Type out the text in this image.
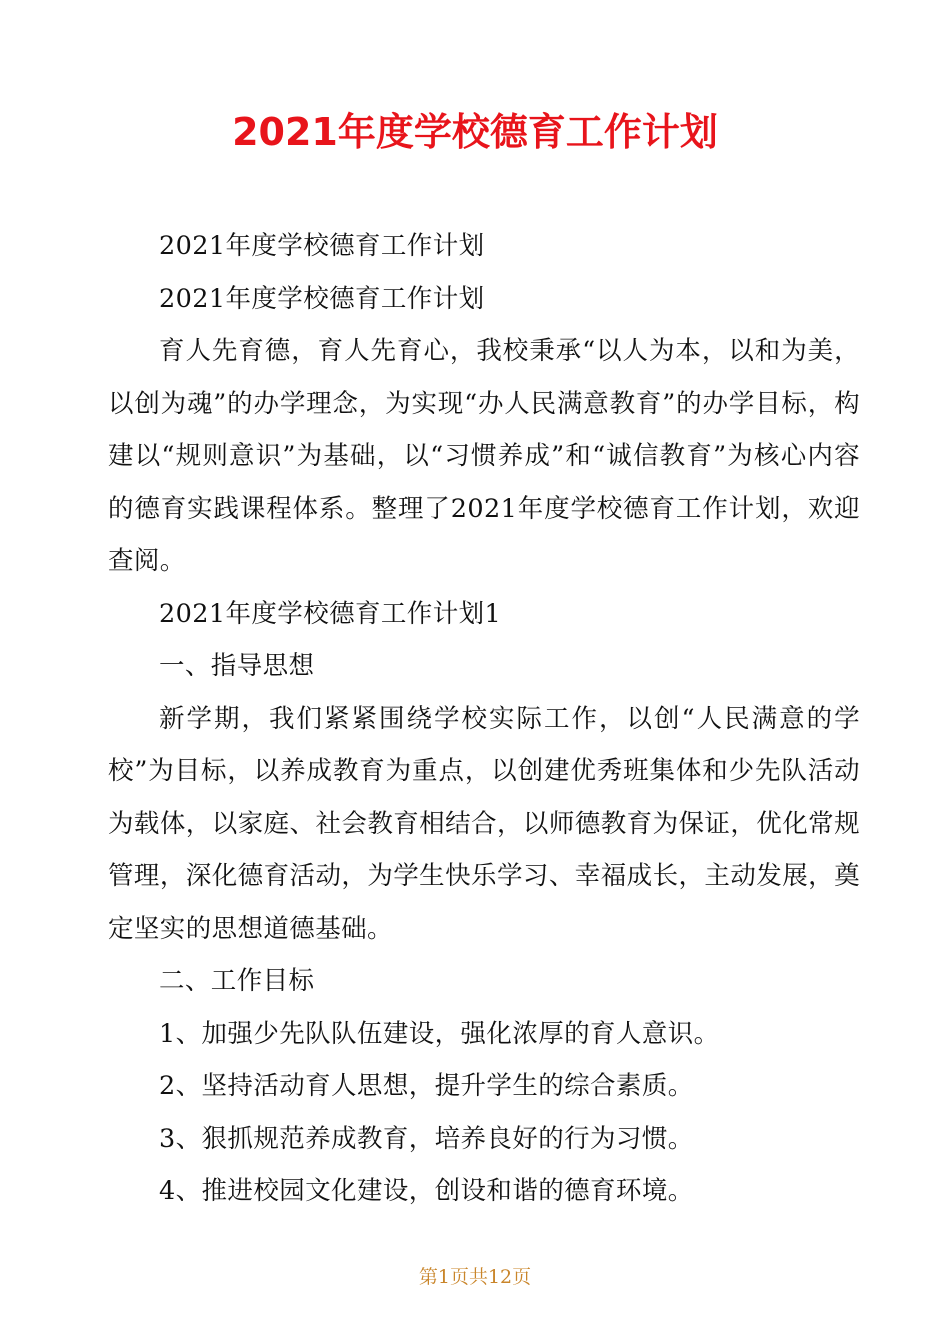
2021年度学校德育工作计划

2021年度学校德育工作计划

2021年度学校德育工作计划

育人先育德，育人先育心，我校秉承“以人为本，以和为美，以创为魂”的办学理念，为实现“办人民满意教育”的办学目标，构建以“规则意识”为基础，以“习惯养成”和“诚信教育”为核心内容的德育实践课程体系。整理了2021年度学校德育工作计划，欢迎查阅。

2021年度学校德育工作计划1

一、指导思想

新学期，我们紧紧围绕学校实际工作，以创“人民满意的学校”为目标，以养成教育为重点，以创建优秀班集体和少先队活动为载体，以家庭、社会教育相结合，以师德教育为保证，优化常规管理，深化德育活动，为学生快乐学习、幸福成长，主动发展，奠定坚实的思想道德基础。

二、工作目标

1、加强少先队队伍建设，强化浓厚的育人意识。

2、坚持活动育人思想，提升学生的综合素质。

3、狠抓规范养成教育，培养良好的行为习惯。

4、推进校园文化建设，创设和谐的德育环境。

第1页共12页
